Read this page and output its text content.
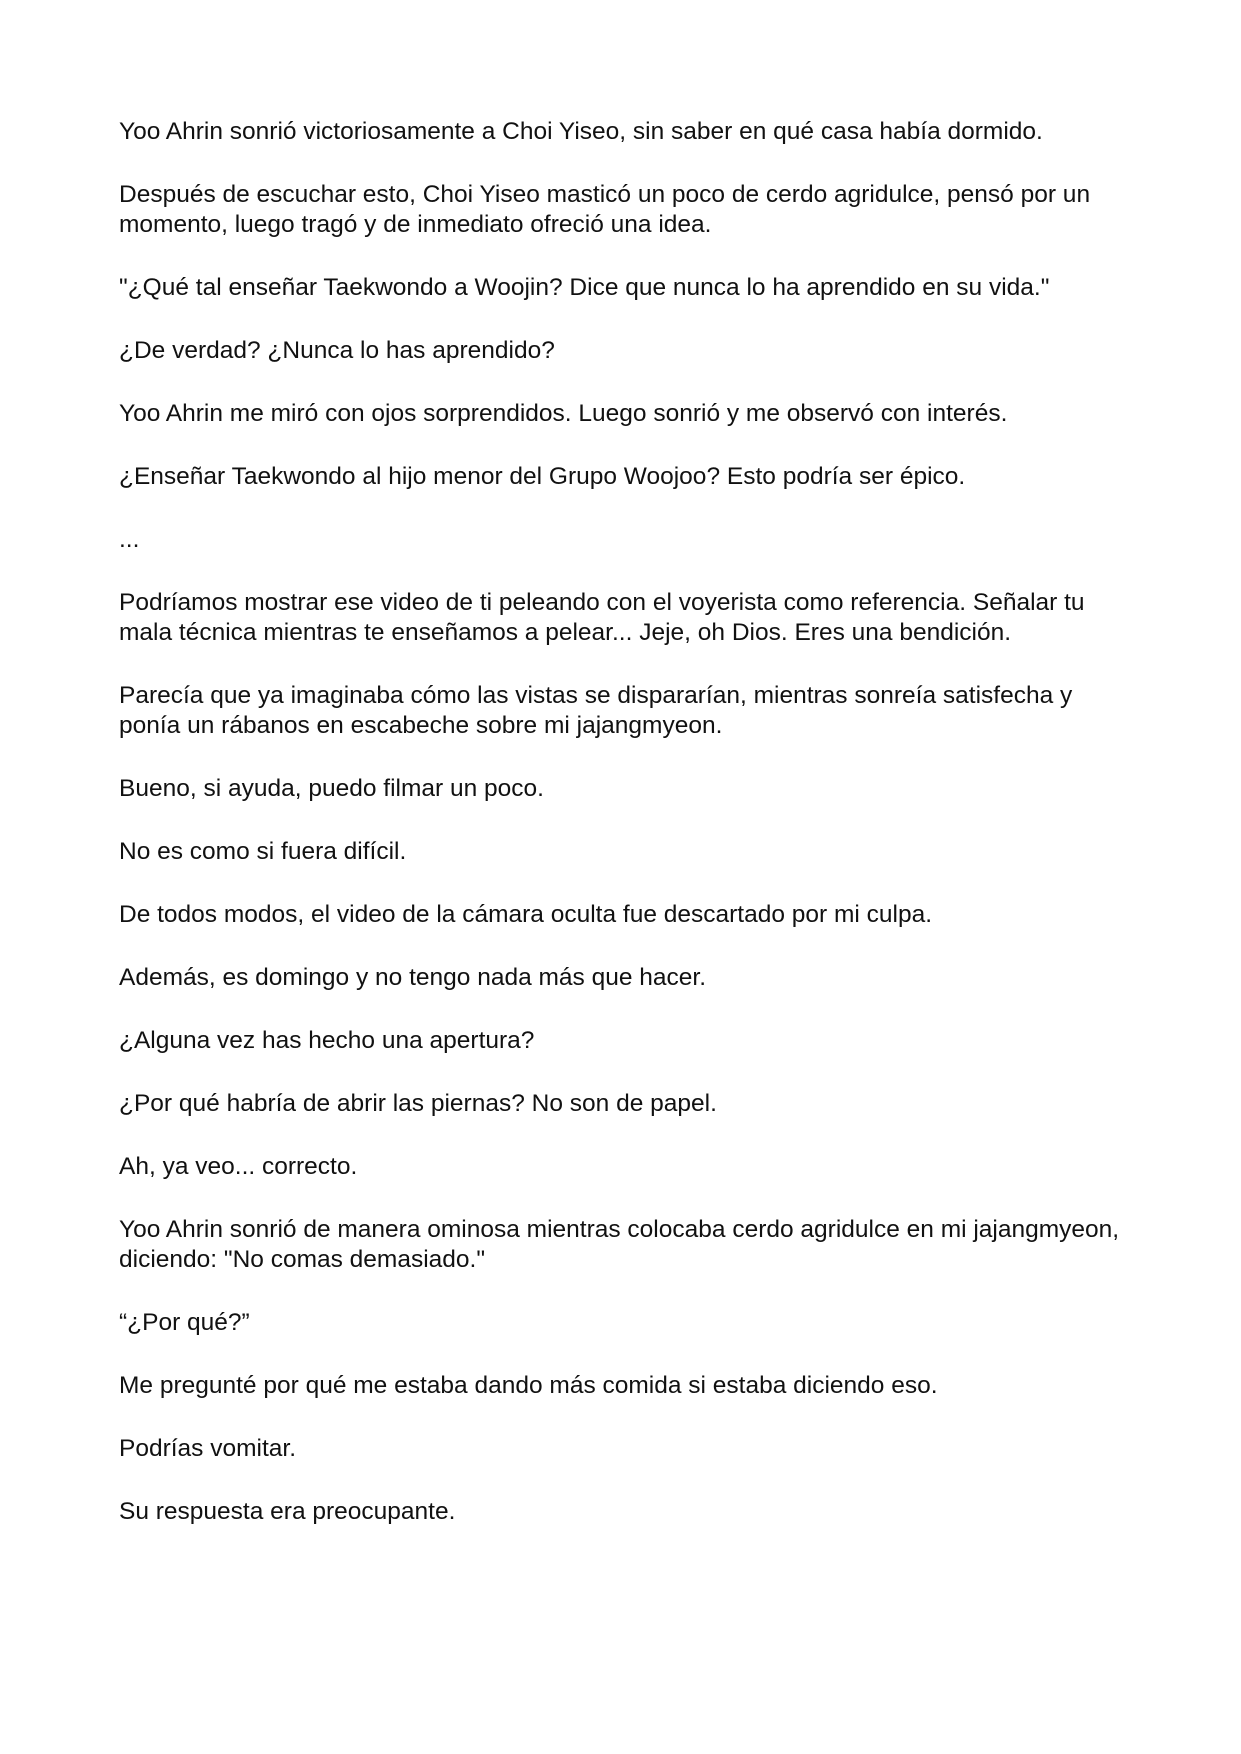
Yoo Ahrin sonrió victoriosamente a Choi Yiseo, sin saber en qué casa había dormido.

Después de escuchar esto, Choi Yiseo masticó un poco de cerdo agridulce, pensó por un momento, luego tragó y de inmediato ofreció una idea.

"¿Qué tal enseñar Taekwondo a Woojin? Dice que nunca lo ha aprendido en su vida."

¿De verdad? ¿Nunca lo has aprendido?

Yoo Ahrin me miró con ojos sorprendidos. Luego sonrió y me observó con interés.

¿Enseñar Taekwondo al hijo menor del Grupo Woojoo? Esto podría ser épico.

...

Podríamos mostrar ese video de ti peleando con el voyerista como referencia. Señalar tu mala técnica mientras te enseñamos a pelear... Jeje, oh Dios. Eres una bendición.

Parecía que ya imaginaba cómo las vistas se dispararían, mientras sonreía satisfecha y ponía un rábanos en escabeche sobre mi jajangmyeon.

Bueno, si ayuda, puedo filmar un poco.

No es como si fuera difícil.

De todos modos, el video de la cámara oculta fue descartado por mi culpa.

Además, es domingo y no tengo nada más que hacer.

¿Alguna vez has hecho una apertura?

¿Por qué habría de abrir las piernas? No son de papel.

Ah, ya veo... correcto.

Yoo Ahrin sonrió de manera ominosa mientras colocaba cerdo agridulce en mi jajangmyeon, diciendo: "No comas demasiado."

“¿Por qué?”

Me pregunté por qué me estaba dando más comida si estaba diciendo eso.

Podrías vomitar.

Su respuesta era preocupante.
